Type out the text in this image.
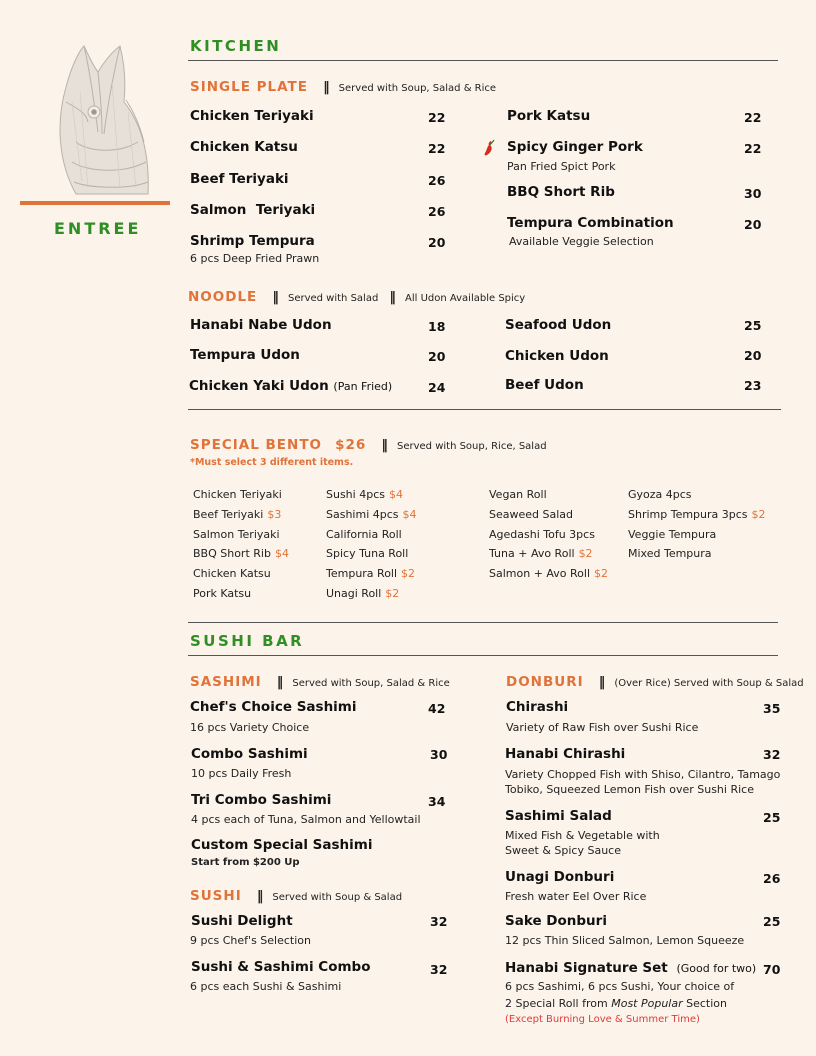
ENTREE
KITCHEN
SINGLE PLATE ‖ Served with Soup, Salad & Rice
Chicken Teriyaki	22
Chicken Katsu	22
Beef Teriyaki	26
Salmon  Teriyaki	26
Shrimp Tempura	20
6 pcs Deep Fried Prawn
Pork Katsu	22
Spicy Ginger Pork	22
Pan Fried Spict Pork
BBQ Short Rib	30
Tempura Combination	20
Available Veggie Selection
NOODLE ‖ Served with Salad ‖ All Udon Available Spicy
Hanabi Nabe Udon	18
Tempura Udon	20
Chicken Yaki Udon (Pan Fried)	24
Seafood Udon	25
Chicken Udon	20
Beef Udon	23
SPECIAL BENTO $26 ‖ Served with Soup, Rice, Salad
*Must select 3 different items.
Chicken Teriyaki
Beef Teriyaki $3
Salmon Teriyaki
BBQ Short Rib $4
Chicken Katsu
Pork Katsu
Sushi 4pcs $4
Sashimi 4pcs $4
California Roll
Spicy Tuna Roll
Tempura Roll $2
Unagi Roll $2
Vegan Roll
Seaweed Salad
Agedashi Tofu 3pcs
Tuna + Avo Roll $2
Salmon + Avo Roll $2
Gyoza 4pcs
Shrimp Tempura 3pcs $2
Veggie Tempura
Mixed Tempura
SUSHI BAR
SASHIMI ‖ Served with Soup, Salad & Rice
Chef's Choice Sashimi	42
16 pcs Variety Choice
Combo Sashimi	30
10 pcs Daily Fresh
Tri Combo Sashimi	34
4 pcs each of Tuna, Salmon and Yellowtail
Custom Special Sashimi
Start from $200 Up
SUSHI ‖ Served with Soup & Salad
Sushi Delight	32
9 pcs Chef's Selection
Sushi & Sashimi Combo	32
6 pcs each Sushi & Sashimi
DONBURI ‖ (Over Rice) Served with Soup & Salad
Chirashi	35
Variety of Raw Fish over Sushi Rice
Hanabi Chirashi	32
Variety Chopped Fish with Shiso, Cilantro, Tamago
Tobiko, Squeezed Lemon Fish over Sushi Rice
Sashimi Salad	25
Mixed Fish & Vegetable with
Sweet & Spicy Sauce
Unagi Donburi	26
Fresh water Eel Over Rice
Sake Donburi	25
12 pcs Thin Sliced Salmon, Lemon Squeeze
Hanabi Signature Set (Good for two) 70
6 pcs Sashimi, 6 pcs Sushi, Your choice of
2 Special Roll from Most Popular Section
(Except Burning Love & Summer Time)
